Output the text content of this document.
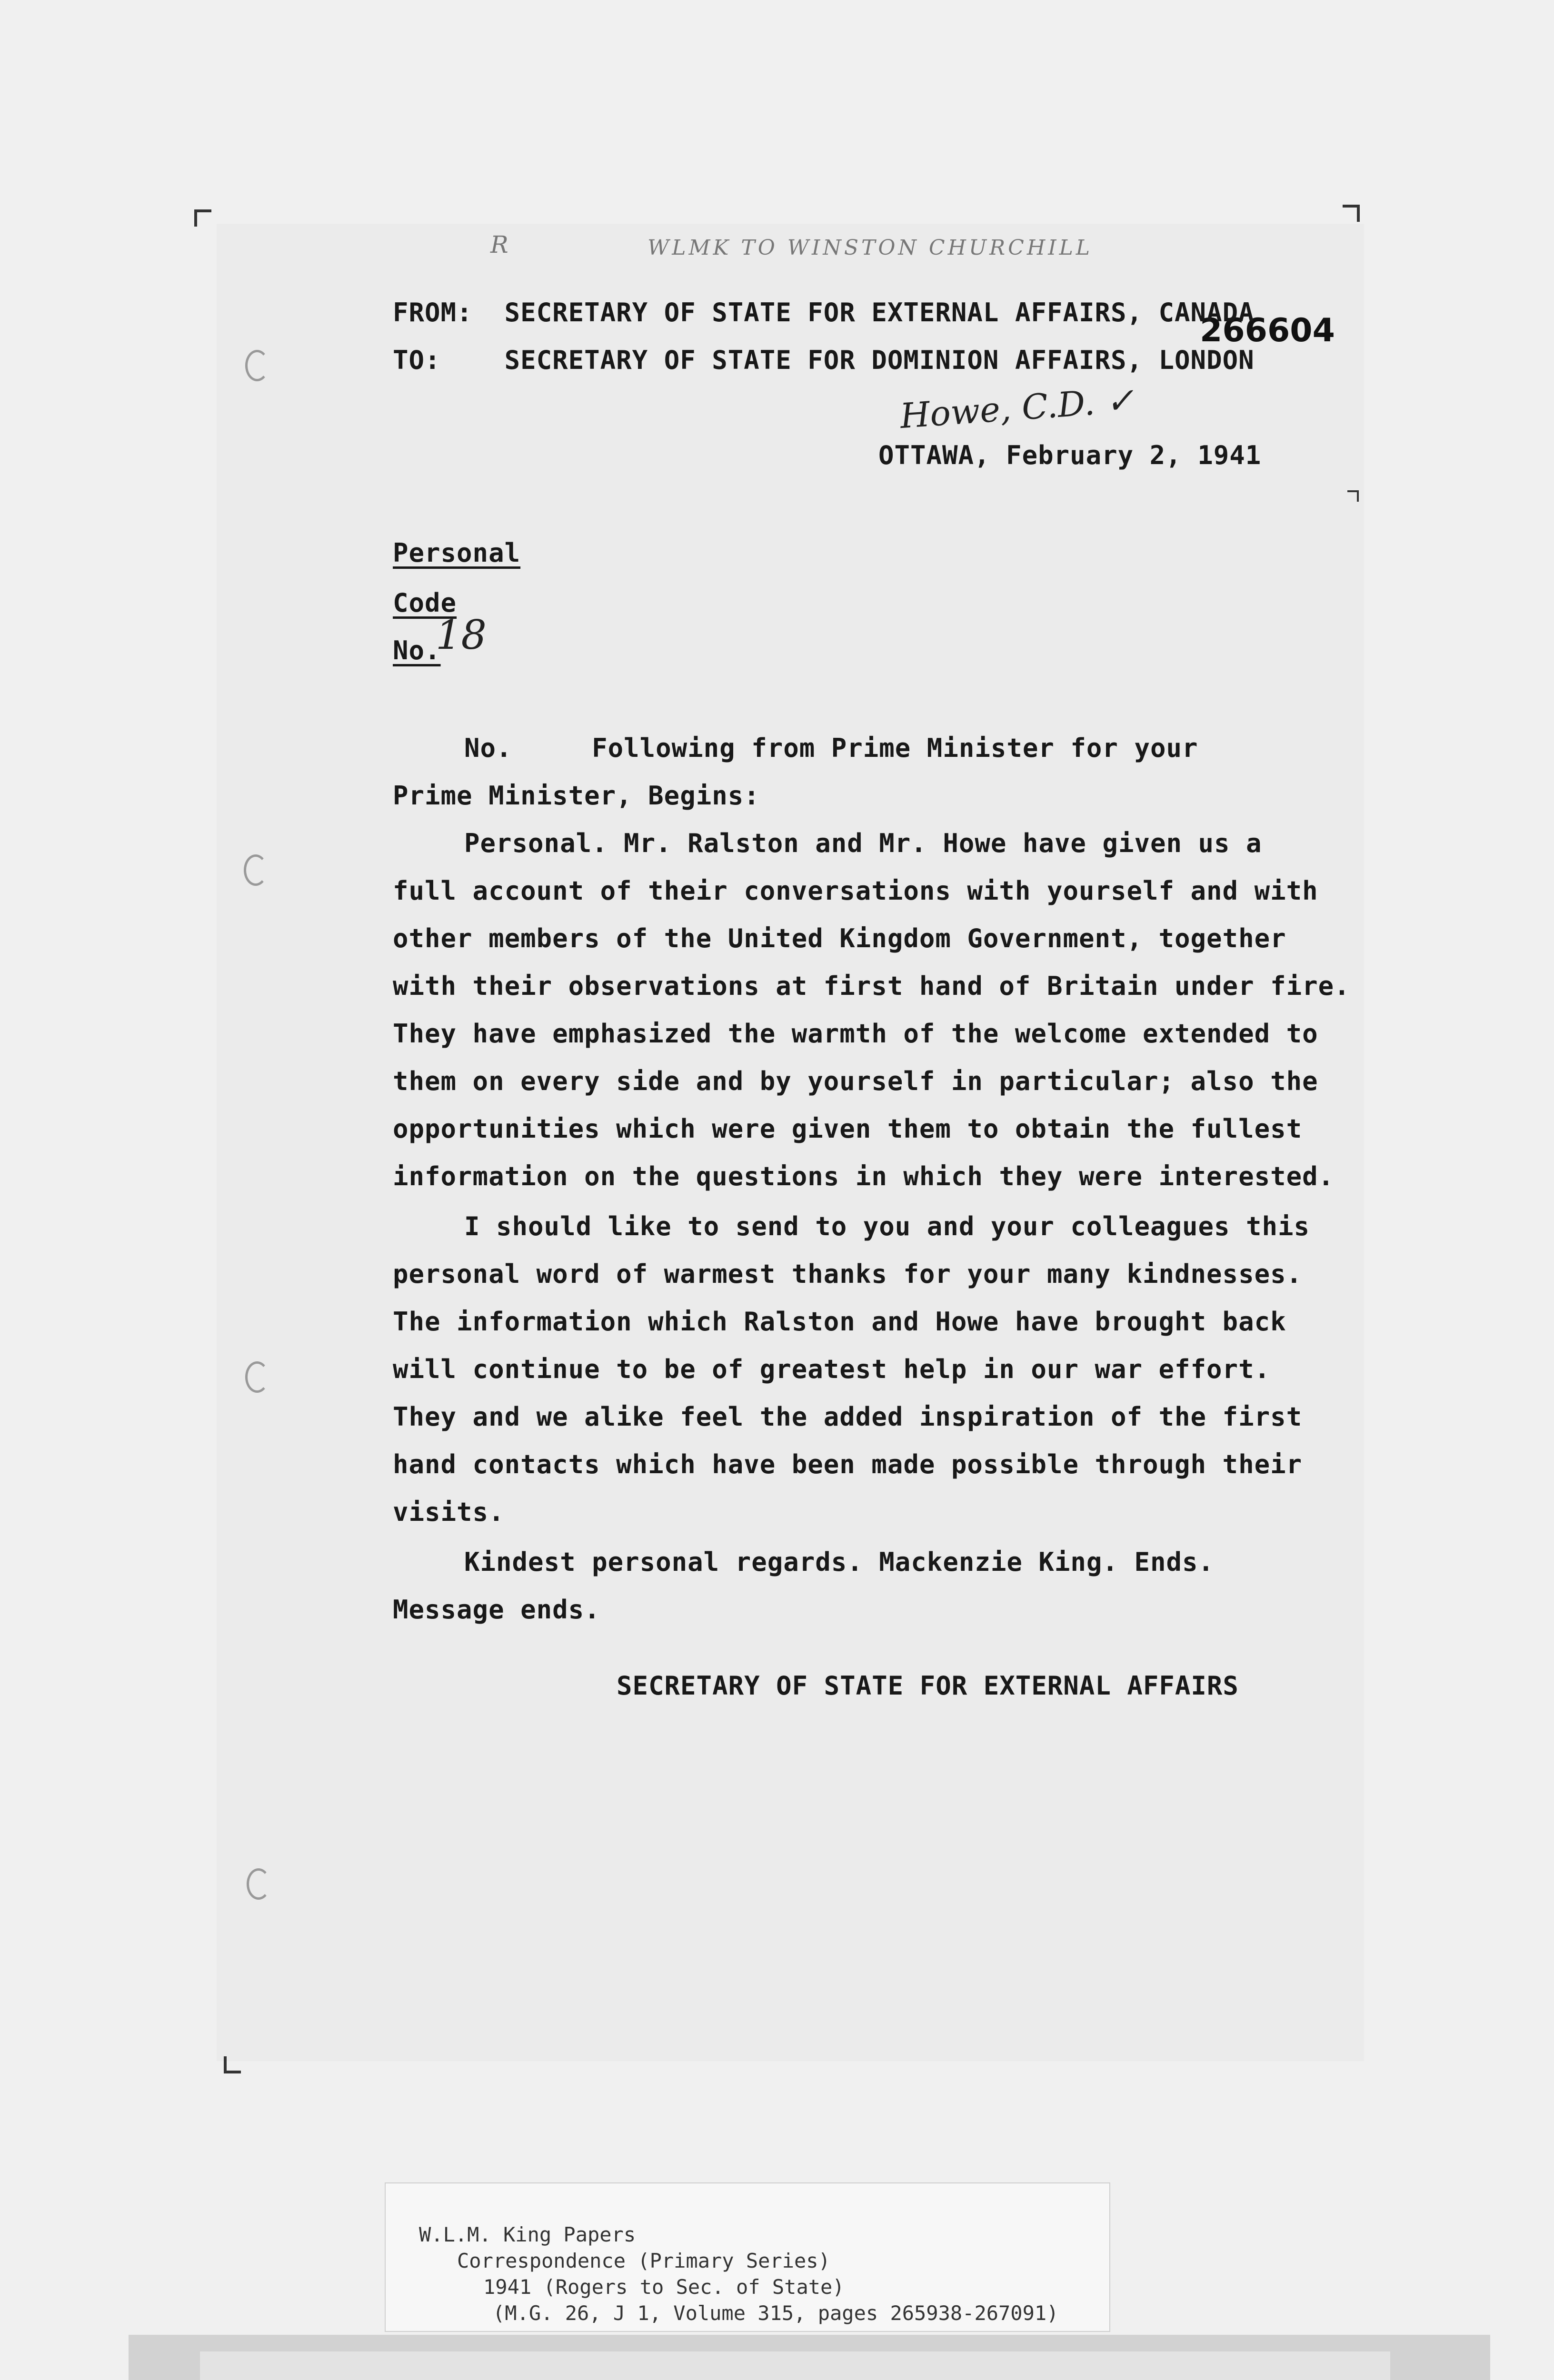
R	WLMK TO WINSTON CHURCHILL
266604
FROM: SECRETARY OF STATE FOR EXTERNAL AFFAIRS, CANADA
TO: SECRETARY OF STATE FOR DOMINION AFFAIRS, LONDON
OTTAWA, February 2, 1941
Personal
Code
No.
No.     Following from Prime Minister for your
Prime Minister, Begins:
Personal. Mr. Ralston and Mr. Howe have given us a
full account of their conversations with yourself and with
other members of the United Kingdom Government, together
with their observations at first hand of Britain under fire.
They have emphasized the warmth of the welcome extended to
them on every side and by yourself in particular; also the
opportunities which were given them to obtain the fullest
information on the questions in which they were interested.
I should like to send to you and your colleagues this
personal word of warmest thanks for your many kindnesses.
The information which Ralston and Howe have brought back
will continue to be of greatest help in our war effort.
They and we alike feel the added inspiration of the first
hand contacts which have been made possible through their
visits.
Kindest personal regards. Mackenzie King. Ends.
Message ends.
SECRETARY OF STATE FOR EXTERNAL AFFAIRS
Howe, C.D. ✓
18
W.L.M. King Papers
Correspondence (Primary Series)
1941 (Rogers to Sec. of State)
(M.G. 26, J 1, Volume 315, pages 265938-267091)
